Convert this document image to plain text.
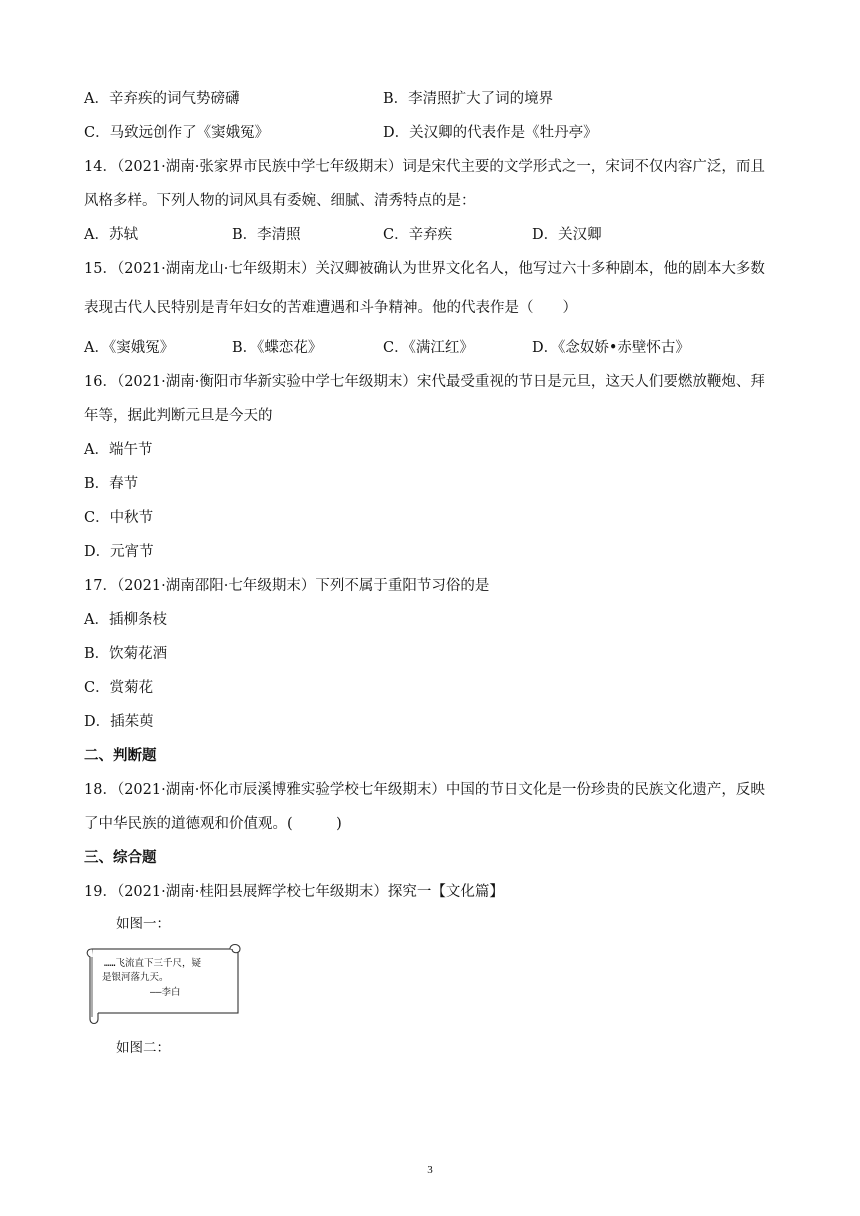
A．辛弃疾的词气势磅礴	B．李清照扩大了词的境界
C．马致远创作了《窦娥冤》	D．关汉卿的代表作是《牡丹亭》
14．（2021·湖南·张家界市民族中学七年级期末）词是宋代主要的文学形式之一，宋词不仅内容广泛，而且
风格多样。下列人物的词风具有委婉、细腻、清秀特点的是：
A．苏轼	B．李清照	C．辛弃疾	D．关汉卿
15．（2021·湖南龙山·七年级期末）关汉卿被确认为世界文化名人，他写过六十多种剧本，他的剧本大多数
表现古代人民特别是青年妇女的苦难遭遇和斗争精神。他的代表作是（　　）
A．《窦娥冤》	B．《蝶恋花》	C．《满江红》	D．《念奴娇•赤壁怀古》
16．（2021·湖南·衡阳市华新实验中学七年级期末）宋代最受重视的节日是元旦，这天人们要燃放鞭炮、拜
年等，据此判断元旦是今天的
A．端午节
B．春节
C．中秋节
D．元宵节
17．（2021·湖南邵阳·七年级期末）下列不属于重阳节习俗的是
A．插柳条枝
B．饮菊花酒
C．赏菊花
D．插茱萸
二、判断题
18．（2021·湖南·怀化市辰溪博雅实验学校七年级期末）中国的节日文化是一份珍贵的民族文化遗产，反映
了中华民族的道德观和价值观。(　　　)
三、综合题
19．（2021·湖南·桂阳县展辉学校七年级期末）探究一【文化篇】
如图一：
……飞流直下三千尺，疑
是银河落九天。
——李白
如图二：
3
